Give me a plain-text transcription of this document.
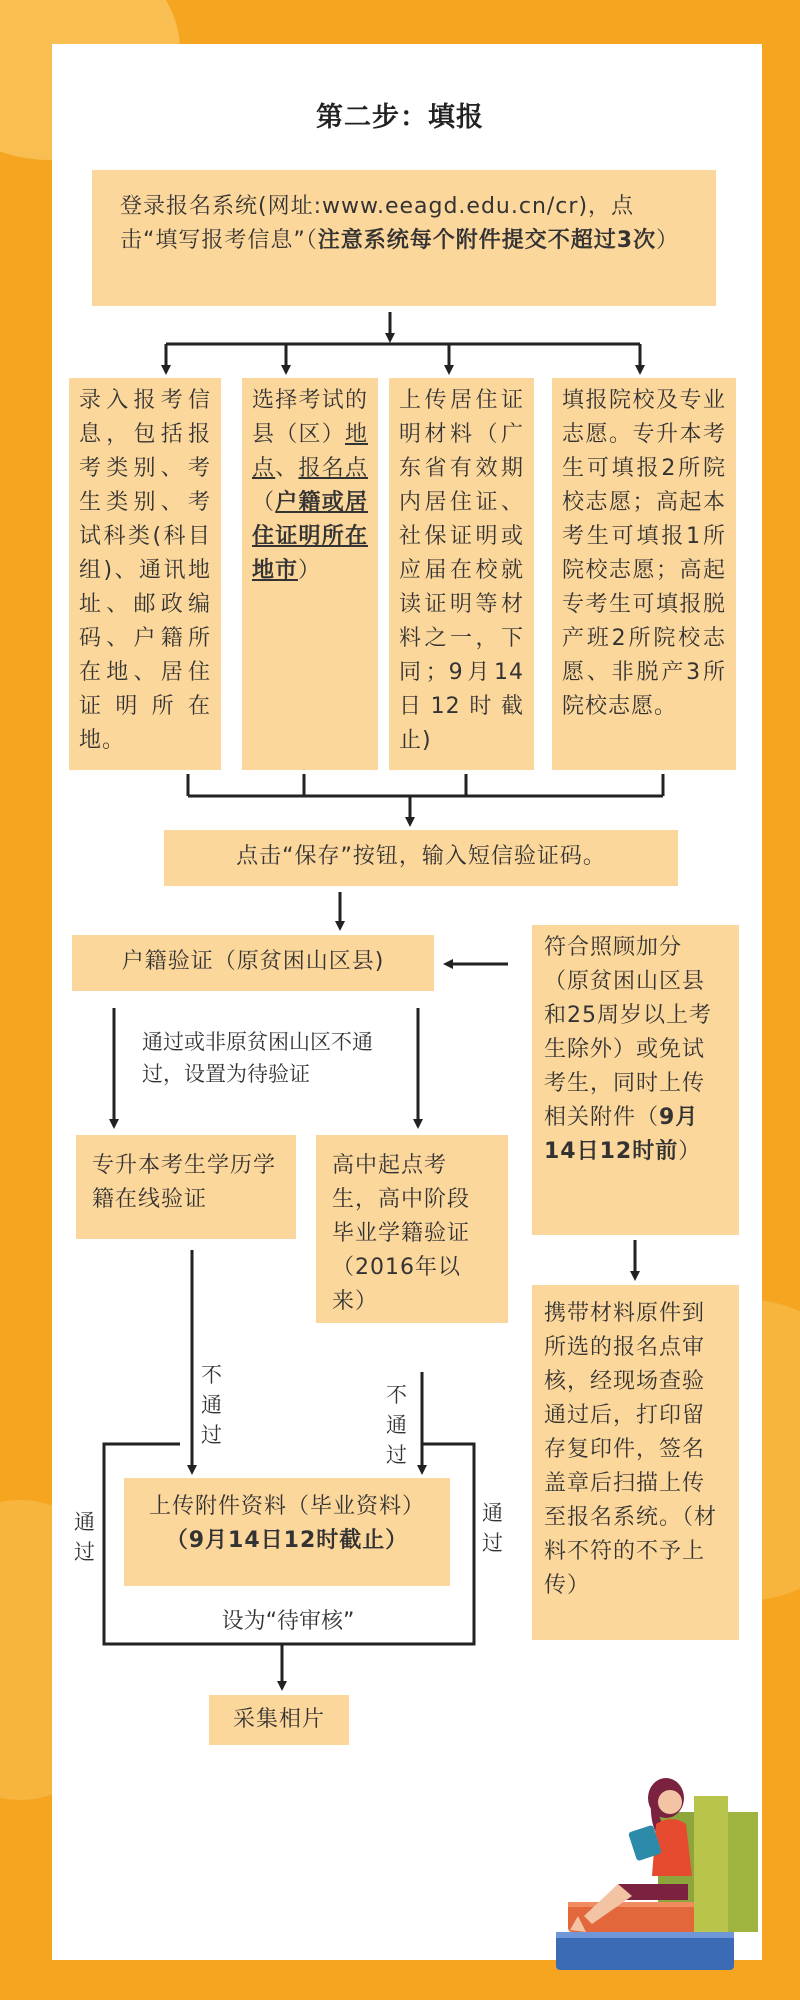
第二步：填报
登录报名系统(网址:www.eeagd.edu.cn/cr)，点击“填写报考信息”（注意系统每个附件提交不超过3次）
录入报考信息，包括报考类别、考生类别、考试科类(科目组)、通讯地址、邮政编码、户籍所在地、居住证明所在地。
选择考试的县（区）地点、报名点（户籍或居住证明所在地市）
上传居住证明材料（广东省有效期内居住证、社保证明或应届在校就读证明等材料之一，下同；9月14日12时截止)
填报院校及专业志愿。专升本考生可填报2所院校志愿；高起本考生可填报1所院校志愿；高起专考生可填报脱产班2所院校志愿、非脱产3所院校志愿。
点击“保存”按钮，输入短信验证码。
户籍验证（原贫困山区县)
符合照顾加分（原贫困山区县和25周岁以上考生除外）或免试考生，同时上传相关附件（9月14日12时前）
通过或非原贫困山区不通过，设置为待验证
专升本考生学历学籍在线验证
高中起点考生，高中阶段毕业学籍验证（2016年以来）	携带材料原件到所选的报名点审核，经现场查验通过后，打印留存复印件，签名盖章后扫描上传至报名系统。（材料不符的不予上传）
不通过
不通过
通过
通过
上传附件资料（毕业资料）
（9月14日12时截止）
设为“待审核”
采集相片
